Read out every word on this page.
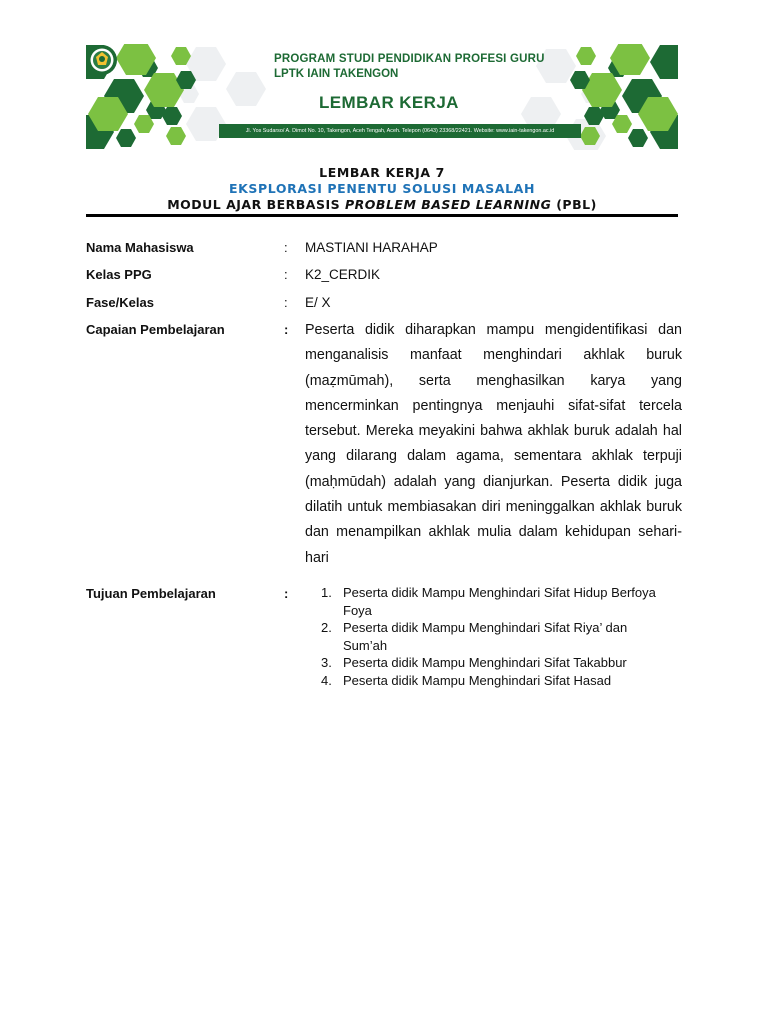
PROGRAM STUDI PENDIDIKAN PROFESI GURU
LPTK IAIN TAKENGON
LEMBAR KERJA
Jl. Yos Sudarso/ A. Dimot No. 10, Takengon, Aceh Tengah, Aceh. Telepon (0643) 23368/22421. Website: www.iain-takengon.ac.id
LEMBAR KERJA 7
EKSPLORASI PENENTU SOLUSI MASALAH
MODUL AJAR BERBASIS PROBLEM BASED LEARNING (PBL)
Nama Mahasiswa	: MASTIANI HARAHAP
Kelas PPG	: K2_CERDIK
Fase/Kelas	: E/ X
Capaian Pembelajaran	: Peserta didik diharapkan mampu mengidentifikasi dan menganalisis manfaat menghindari akhlak buruk (maẓmūmah), serta menghasilkan karya yang mencerminkan pentingnya menjauhi sifat-sifat tercela tersebut. Mereka meyakini bahwa akhlak buruk adalah hal yang dilarang dalam agama, sementara akhlak terpuji (maḥmūdah) adalah yang dianjurkan. Peserta didik juga dilatih untuk membiasakan diri meninggalkan akhlak buruk dan menampilkan akhlak mulia dalam kehidupan sehari-hari
Tujuan Pembelajaran	:	1. Peserta didik Mampu Menghindari Sifat Hidup Berfoya Foya
2. Peserta didik Mampu Menghindari Sifat Riya’ dan Sum’ah
3. Peserta didik Mampu Menghindari Sifat Takabbur
4. Peserta didik Mampu Menghindari Sifat Hasad
